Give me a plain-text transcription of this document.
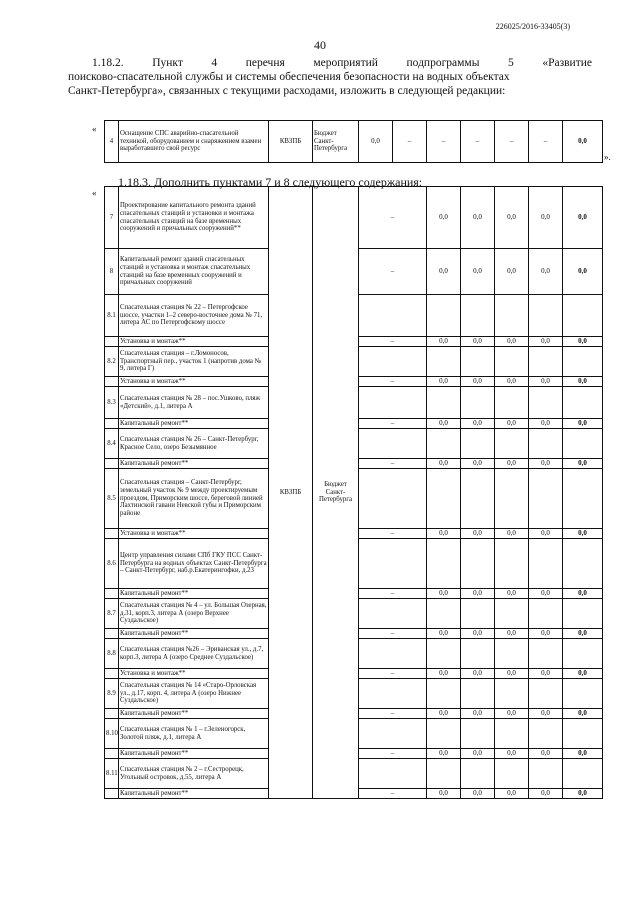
226025/2016-33405(3)
40
1.18.2. Пункт 4 перечня мероприятий подпрограммы 5 «Развитие
поисково-спасательной службы и системы обеспечения безопасности на водных объектах
Санкт-Петербурга», связанных с текущими расходами, изложить в следующей редакции:
«
4	Оснащение СПС аварийно-спасательной техникой, оборудованием и снаряжением взамен выработавшего свой ресурс	КВЗПБ	Бюджет Санкт-Петербурга	0,0	–	–	–	–	–	0,0
».
1.18.3. Дополнить пунктами 7 и 8 следующего содержания:
«
7	Проектирование капитального ремонта зданий спасательных станций и установки и монтажа спасательных станций на базе временных сооружений и причальных сооружений**	КВЗПБ	Бюджет Санкт-Петербурга	–	0,0	0,0	0,0	0,0	0,0
8	Капитальный ремонт зданий спасательных станций и установка и монтаж спасательных станций на базе временных сооружений и причальных сооружений			–	0,0	0,0	0,0	0,0	0,0
8.1	Спасательная станция № 22 – Петергофское шоссе, участки 1–2 северо-восточнее дома № 71, литера АС по Петергофскому шоссе								
	Установка и монтаж**			–	0,0	0,0	0,0	0,0	0,0
8.2	Спасательная станция – г.Ломоносов, Транспортный пер., участок 1 (напротив дома № 9, литера Г)								
	Установка и монтаж**			–	0,0	0,0	0,0	0,0	0,0
8.3	Спасательная станция № 28 – пос.Ушково, пляж «Детский», д.1, литера А								
	Капитальный ремонт**			–	0,0	0,0	0,0	0,0	0,0
8.4	Спасательная станция № 26 – Санкт-Петербург, Красное Село, озеро Безымянное								
	Капитальный ремонт**			–	0,0	0,0	0,0	0,0	0,0
8.5	Спасательная станция – Санкт-Петербург, земельный участок № 9 между проектируемым проездом, Приморским шоссе, береговой линией Лахтинской гавани Невской губы и Приморским районе								
	Установка и монтаж**			–	0,0	0,0	0,0	0,0	0,0
8.6	Центр управления силами СПб ГКУ ПСС Санкт-Петербурга на водных объектах Санкт-Петербурга – Санкт-Петербург, наб.р.Екатерингофки, д.23								
	Капитальный ремонт**			–	0,0	0,0	0,0	0,0	0,0
8.7	Спасательная станция № 4 – ул. Большая Озерная, д.31, корп.3, литера А (озеро Верхнее Суздальское)								
	Капитальный ремонт**			–	0,0	0,0	0,0	0,0	0,0
8.8	Спасательная станция №26 – Эриванская ул., д.7, корп.3, литера А (озеро Среднее Суздальское)								
	Установка и монтаж**			–	0,0	0,0	0,0	0,0	0,0
8.9	Спасательная станция № 14 «Старо-Орловская ул., д.17, корп. 4, литера А (озеро Нижнее Суздальское)								
	Капитальный ремонт**			–	0,0	0,0	0,0	0,0	0,0
8.10	Спасательная станция № 1 – г.Зеленогорск, Золотой пляж, д.1, литера А								
	Капитальный ремонт**			–	0,0	0,0	0,0	0,0	0,0
8.11	Спасательная станция № 2 – г.Сестрорецк, Угольный островок, д.55, литера А								
	Капитальный ремонт**			–	0,0	0,0	0,0	0,0	0,0
